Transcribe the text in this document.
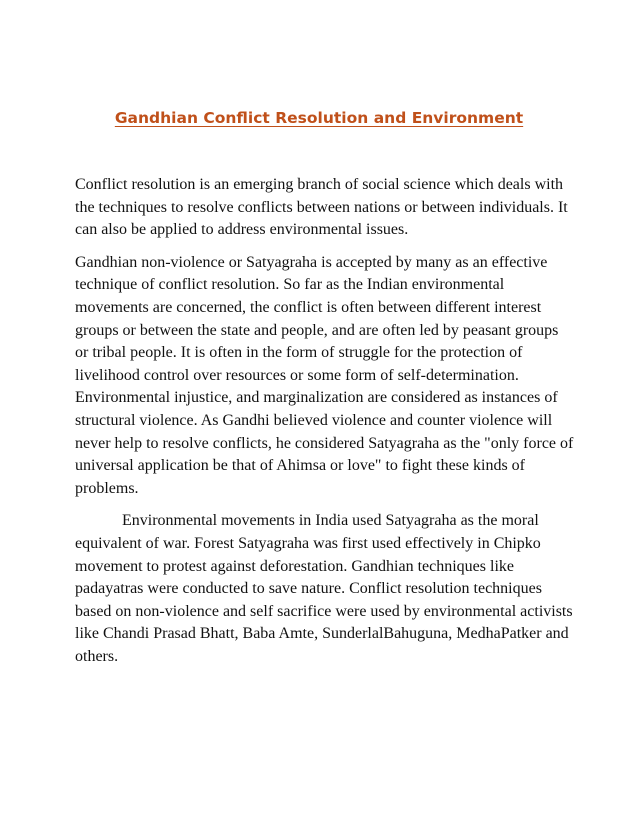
Gandhian Conflict Resolution and Environment

Conflict resolution is an emerging branch of social science which deals with the techniques to resolve conflicts between nations or between individuals. It can also be applied to address environmental issues.

Gandhian non-violence or Satyagraha is accepted by many as an effective technique of conflict resolution. So far as the Indian environmental movements are concerned, the conflict is often between different interest groups or between the state and people, and are often led by peasant groups or tribal people. It is often in the form of struggle for the protection of livelihood control over resources or some form of self-determination. Environmental injustice, and marginalization are considered as instances of structural violence. As Gandhi believed violence and counter violence will never help to resolve conflicts, he considered Satyagraha as the "only force of universal application be that of Ahimsa or love" to fight these kinds of problems.

Environmental movements in India used Satyagraha as the moral equivalent of war. Forest Satyagraha was first used effectively in Chipko movement to protest against deforestation. Gandhian techniques like padayatras were conducted to save nature. Conflict resolution techniques based on non-violence and self sacrifice were used by environmental activists like Chandi Prasad Bhatt, Baba Amte, SunderlalBahuguna, MedhaPatker and others.
